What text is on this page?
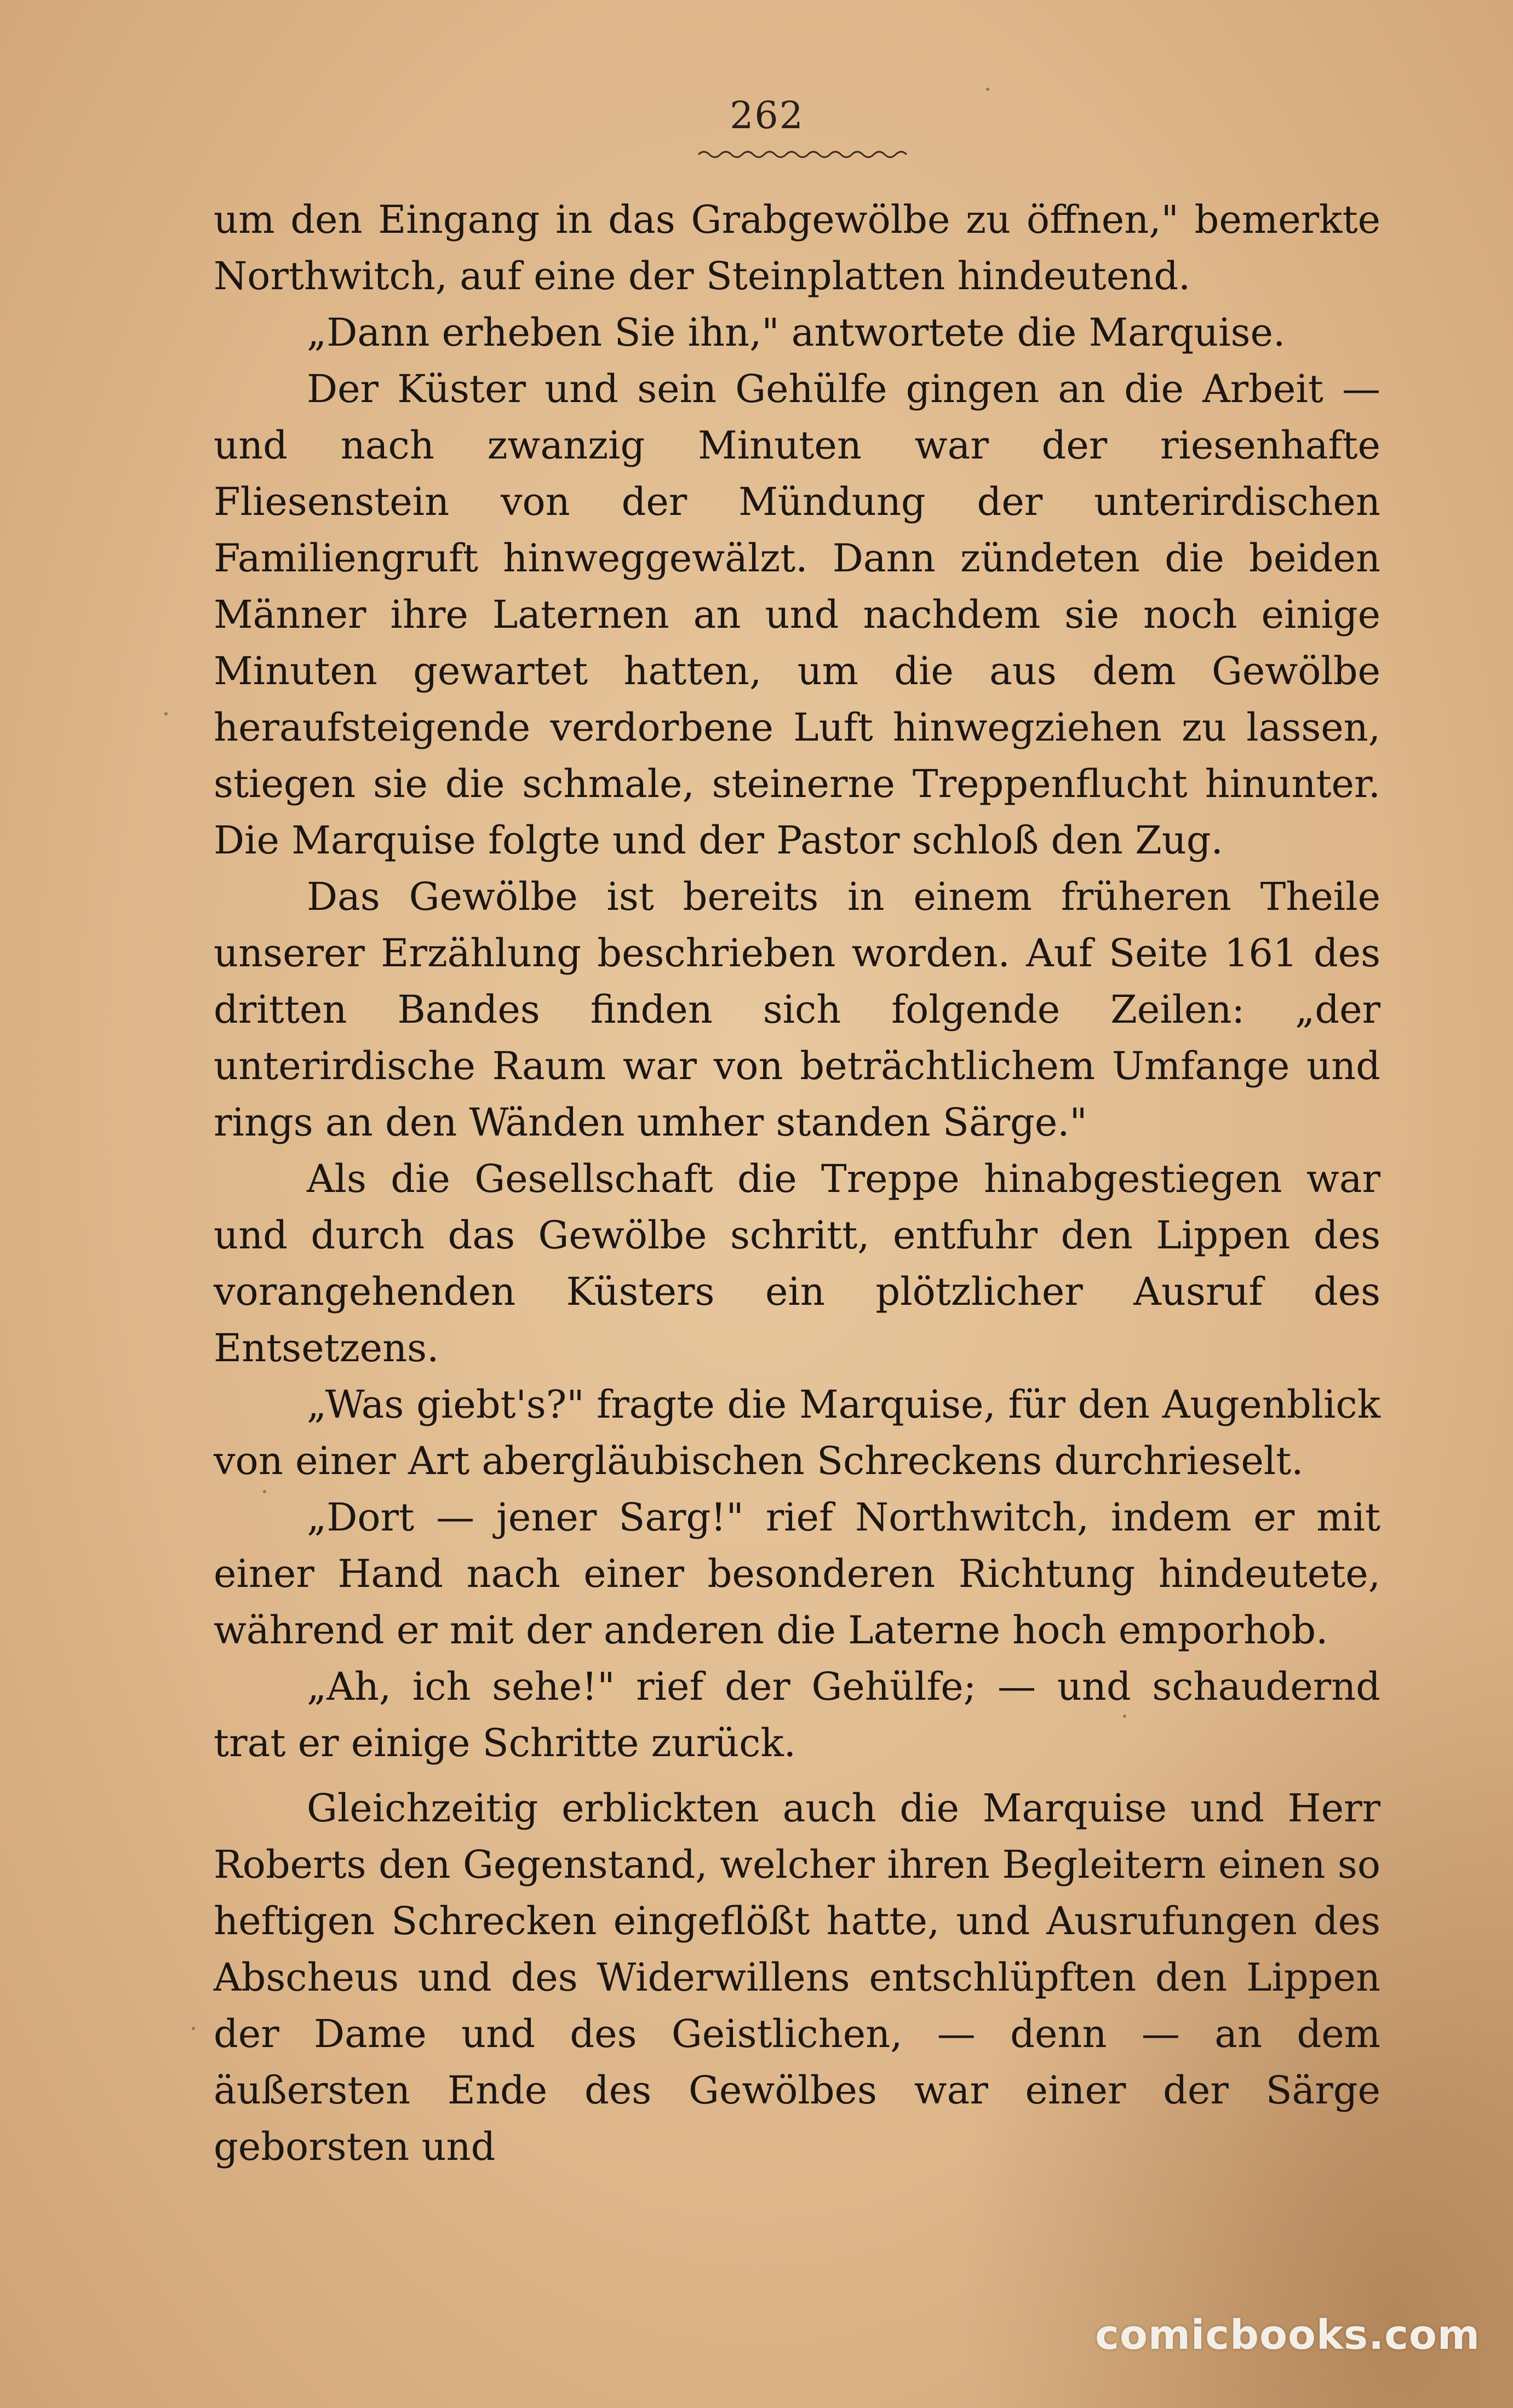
262

um den Eingang in das Grabgewölbe zu öffnen," bemerkte Northwitch, auf eine der Steinplatten hindeutend.

„Dann erheben Sie ihn," antwortete die Marquise.

Der Küster und sein Gehülfe gingen an die Arbeit — und nach zwanzig Minuten war der riesenhafte Fliesenstein von der Mündung der unterirdischen Familiengruft hinweggewälzt. Dann zündeten die beiden Männer ihre Laternen an und nachdem sie noch einige Minuten gewartet hatten, um die aus dem Gewölbe heraufsteigende verdorbene Luft hinwegziehen zu lassen, stiegen sie die schmale, steinerne Treppenflucht hinunter. Die Marquise folgte und der Pastor schloß den Zug.

Das Gewölbe ist bereits in einem früheren Theile unserer Erzählung beschrieben worden. Auf Seite 161 des dritten Bandes finden sich folgende Zeilen: „der unterirdische Raum war von beträchtlichem Umfange und rings an den Wänden umher standen Särge."

Als die Gesellschaft die Treppe hinabgestiegen war und durch das Gewölbe schritt, entfuhr den Lippen des vorangehenden Küsters ein plötzlicher Ausruf des Entsetzens.

„Was giebt's?" fragte die Marquise, für den Augenblick von einer Art abergläubischen Schreckens durchrieselt.

„Dort — jener Sarg!" rief Northwitch, indem er mit einer Hand nach einer besonderen Richtung hindeutete, während er mit der anderen die Laterne hoch emporhob.

„Ah, ich sehe!" rief der Gehülfe; — und schaudernd trat er einige Schritte zurück.

Gleichzeitig erblickten auch die Marquise und Herr Roberts den Gegenstand, welcher ihren Begleitern einen so heftigen Schrecken eingeflößt hatte, und Ausrufungen des Abscheus und des Widerwillens entschlüpften den Lippen der Dame und des Geistlichen, — denn — an dem äußersten Ende des Gewölbes war einer der Särge geborsten und

comicbooks.com
